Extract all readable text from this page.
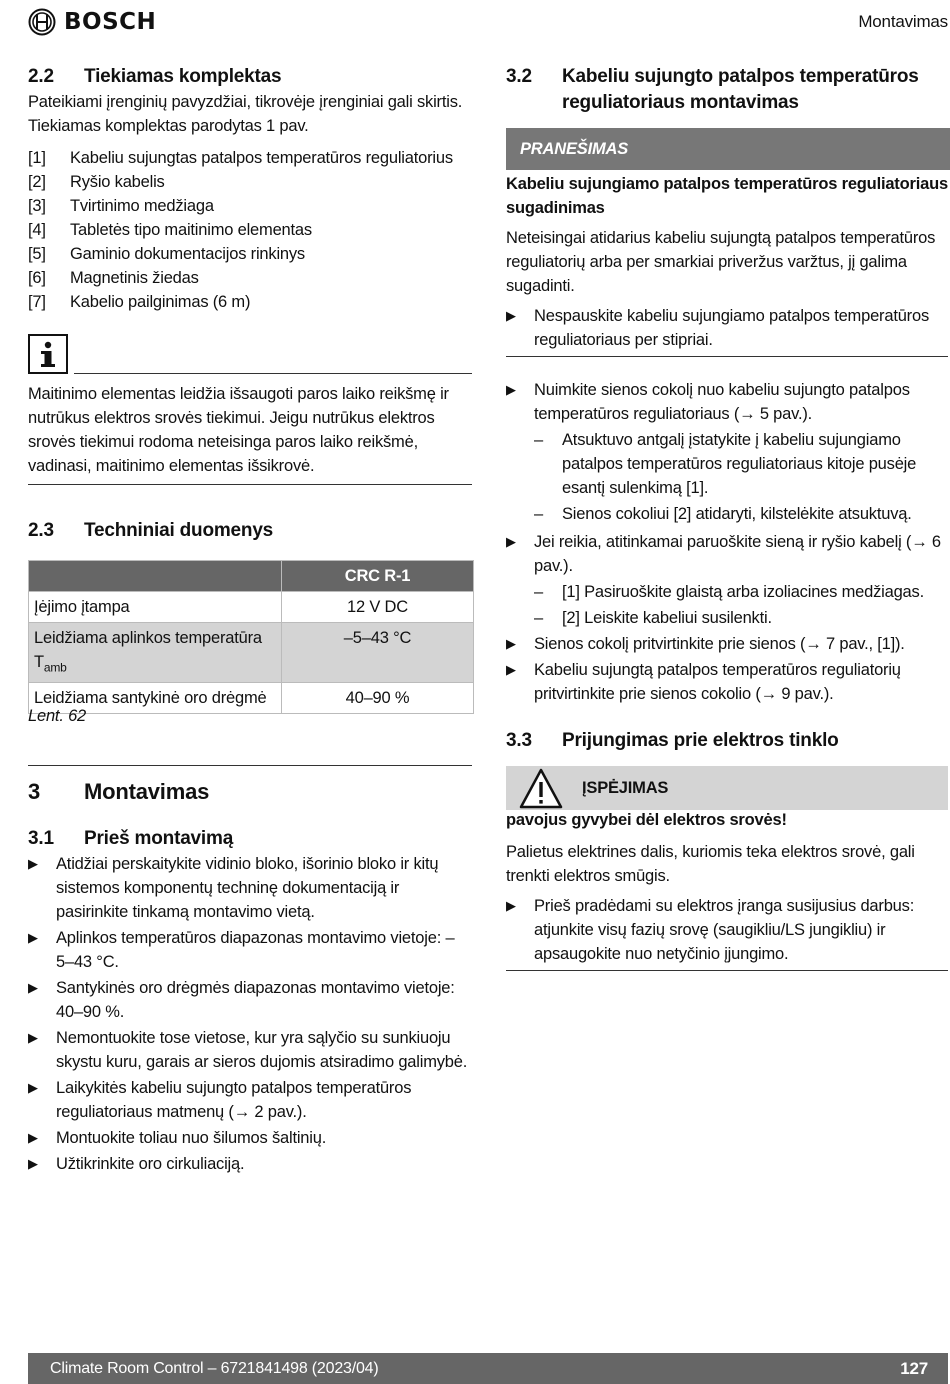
BOSCH	Montavimas
2.2	Tiekiamas komplektas

Pateikiami įrenginių pavyzdžiai, tikrovėje įrenginiai gali skirtis. Tiekiamas komplektas parodytas 1 pav.

[1]	Kabeliu sujungtas patalpos temperatūros reguliatorius
[2]	Ryšio kabelis
[3]	Tvirtinimo medžiaga
[4]	Tabletės tipo maitinimo elementas
[5]	Gaminio dokumentacijos rinkinys
[6]	Magnetinis žiedas
[7]	Kabelio pailginimas (6 m)
Maitinimo elementas leidžia išsaugoti paros laiko reikšmę ir nutrūkus elektros srovės tiekimui. Jeigu nutrūkus elektros srovės tiekimui rodoma neteisinga paros laiko reikšmė, vadinasi, maitinimo elementas išsikrovė.
2.3	Techniniai duomenys
	CRC R-1
Įėjimo įtampa	12 V DC
Leidžiama aplinkos temperatūra $T_{amb}$	–5–43 °C
Leidžiama santykinė oro drėgmė	40–90 %
Lent. 62
3	Montavimas
3.1	Prieš montavimą
▶	Atidžiai perskaitykite vidinio bloko, išorinio bloko ir kitų sistemos komponentų techninę dokumentaciją ir pasirinkite tinkamą montavimo vietą.
▶	Aplinkos temperatūros diapazonas montavimo vietoje: –5–43 °C.
▶	Santykinės oro drėgmės diapazonas montavimo vietoje: 40–90 %.
▶	Nemontuokite tose vietose, kur yra sąlyčio su sunkiuoju skystu kuru, garais ar sieros dujomis atsiradimo galimybė.
▶	Laikykitės kabeliu sujungto patalpos temperatūros reguliatoriaus matmenų (→ 2 pav.).
▶	Montuokite toliau nuo šilumos šaltinių.
▶	Užtikrinkite oro cirkuliaciją.
3.2	Kabeliu sujungto patalpos temperatūros reguliatoriaus montavimas
PRANEŠIMAS

Kabeliu sujungiamo patalpos temperatūros reguliatoriaus sugadinimas

Neteisingai atidarius kabeliu sujungtą patalpos temperatūros reguliatorių arba per smarkiai priveržus varžtus, jį galima sugadinti.

▶	Nespauskite kabeliu sujungiamo patalpos temperatūros reguliatoriaus per stipriai.
▶	Nuimkite sienos cokolį nuo kabeliu sujungto patalpos temperatūros reguliatoriaus (→ 5 pav.).
–	Atsuktuvo antgalį įstatykite į kabeliu sujungiamo patalpos temperatūros reguliatoriaus kitoje pusėje esantį sulenkimą [1].
–	Sienos cokoliui [2] atidaryti, kilstelėkite atsuktuvą.
▶	Jei reikia, atitinkamai paruoškite sieną ir ryšio kabelį (→ 6 pav.).
–	[1] Pasiruoškite glaistą arba izoliacines medžiagas.
–	[2] Leiskite kabeliui susilenkti.
▶	Sienos cokolį pritvirtinkite prie sienos (→ 7 pav., [1]).
▶	Kabeliu sujungtą patalpos temperatūros reguliatorių pritvirtinkite prie sienos cokolio (→ 9 pav.).
3.3	Prijungimas prie elektros tinklo
ĮSPĖJIMAS

pavojus gyvybei dėl elektros srovės!

Palietus elektrines dalis, kuriomis teka elektros srovė, gali trenkti elektros smūgis.

▶	Prieš pradėdami su elektros įranga susijusius darbus: atjunkite visų fazių srovę (saugikliu/LS jungikliu) ir apsaugokite nuo netyčinio įjungimo.
Climate Room Control – 6721841498 (2023/04)	127
